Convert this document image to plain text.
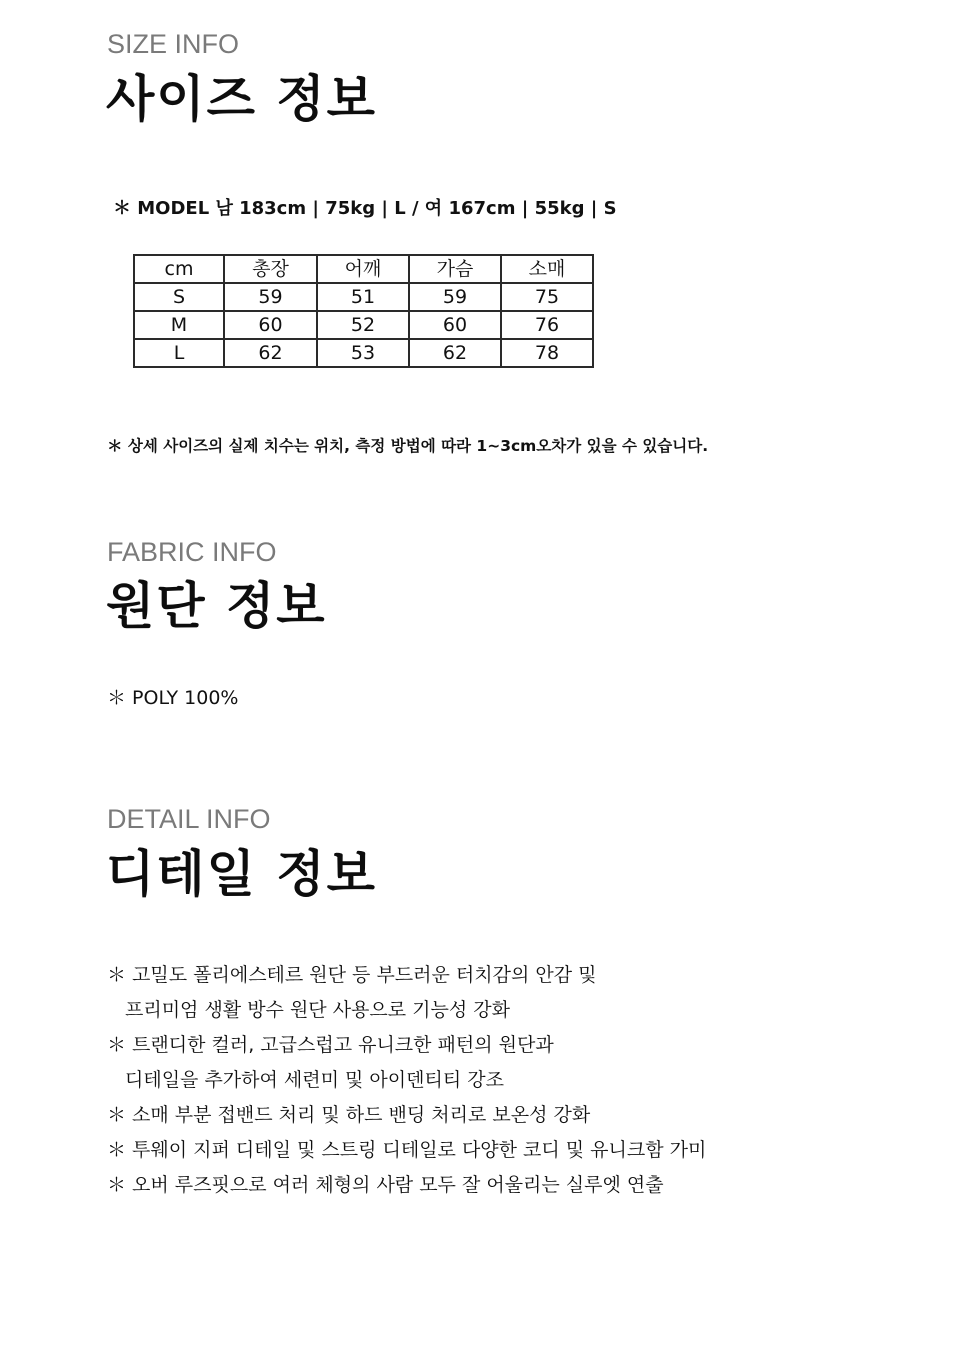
SIZE INFO
사이즈 정보
＊ MODEL 남 183cm | 75kg | L / 여 167cm | 55kg | S
cm	총장	어깨	가슴	소매
S	59	51	59	75
M	60	52	60	76
L	62	53	62	78
＊ 상세 사이즈의 실제 치수는 위치, 측정 방법에 따라 1~3cm오차가 있을 수 있습니다.
FABRIC INFO
원단 정보
＊ POLY 100%
DETAIL INFO
디테일 정보
＊ 고밀도 폴리에스테르 원단 등 부드러운 터치감의 안감 및
프리미엄 생활 방수 원단 사용으로 기능성 강화
＊ 트랜디한 컬러, 고급스럽고 유니크한 패턴의 원단과
디테일을 추가하여 세련미 및 아이덴티티 강조
＊ 소매 부분 접밴드 처리 및 하드 밴딩 처리로 보온성 강화
＊ 투웨이 지퍼 디테일 및 스트링 디테일로 다양한 코디 및 유니크함 가미
＊ 오버 루즈핏으로 여러 체형의 사람 모두 잘 어울리는 실루엣 연출
